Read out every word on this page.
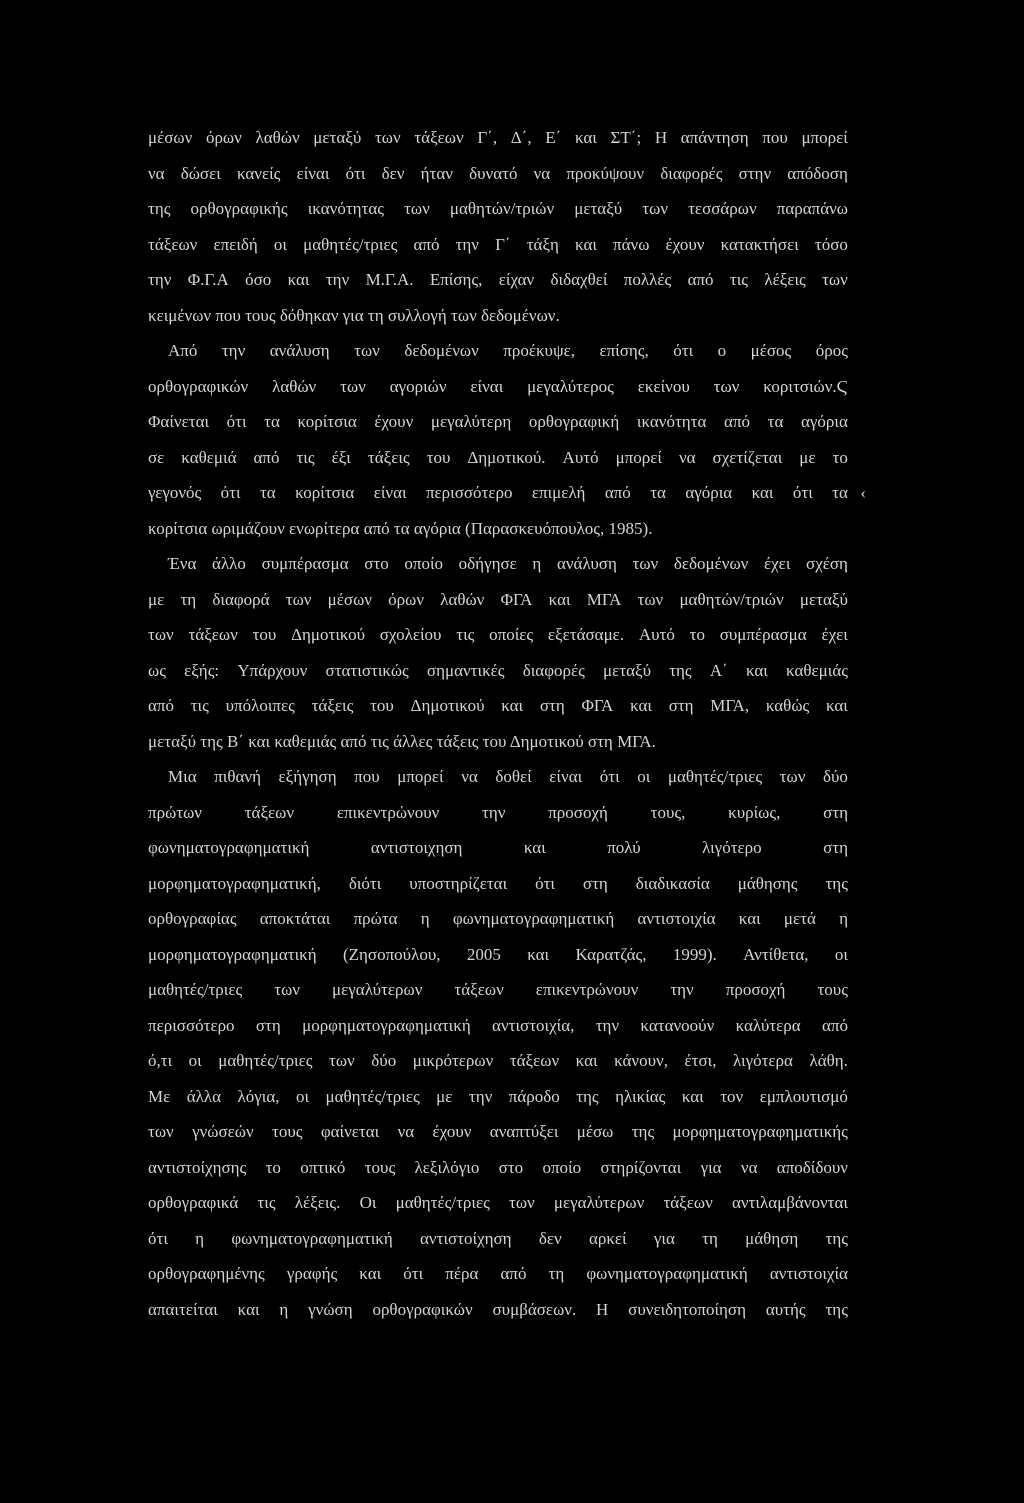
μέσων όρων λαθών μεταξύ των τάξεων Γ΄, Δ΄, Ε΄ και ΣΤ΄; Η απάντηση που μπορεί
να δώσει κανείς είναι ότι δεν ήταν δυνατό να προκύψουν διαφορές στην απόδοση
της ορθογραφικής ικανότητας των μαθητών/τριών μεταξύ των τεσσάρων παραπάνω
τάξεων επειδή οι μαθητές/τριες από την Γ΄ τάξη και πάνω έχουν κατακτήσει τόσο
την Φ.Γ.Α όσο και την Μ.Γ.Α. Επίσης, είχαν διδαχθεί πολλές από τις λέξεις των
κειμένων που τους δόθηκαν για τη συλλογή των δεδομένων.
Από την ανάλυση των δεδομένων προέκυψε, επίσης, ότι ο μέσος όρος
ορθογραφικών λαθών των αγοριών είναι μεγαλύτερος εκείνου των κοριτσιών.Ϛ
Φαίνεται ότι τα κορίτσια έχουν μεγαλύτερη ορθογραφική ικανότητα από τα αγόρια
σε καθεμιά από τις έξι τάξεις του Δημοτικού. Αυτό μπορεί να σχετίζεται με το
γεγονός ότι τα κορίτσια είναι περισσότερο επιμελή από τα αγόρια και ότι τα ‹
κορίτσια ωριμάζουν ενωρίτερα από τα αγόρια (Παρασκευόπουλος, 1985).
Ένα άλλο συμπέρασμα στο οποίο οδήγησε η ανάλυση των δεδομένων έχει σχέση
με τη διαφορά των μέσων όρων λαθών ΦΓΑ και ΜΓΑ των μαθητών/τριών μεταξύ
των τάξεων του Δημοτικού σχολείου τις οποίες εξετάσαμε. Αυτό το συμπέρασμα έχει
ως εξής: Υπάρχουν στατιστικώς σημαντικές διαφορές μεταξύ της Α΄ και καθεμιάς
από τις υπόλοιπες τάξεις του Δημοτικού και στη ΦΓΑ και στη ΜΓΑ, καθώς και
μεταξύ της Β΄ και καθεμιάς από τις άλλες τάξεις του Δημοτικού στη ΜΓΑ.
Μια πιθανή εξήγηση που μπορεί να δοθεί είναι ότι οι μαθητές/τριες των δύο
πρώτων	τάξεων	επικεντρώνουν	την	προσοχή	τους,	κυρίως,	στη
φωνηματογραφηματική	αντιστοιχηση	και	πολύ	λιγότερο	στη
μορφηματογραφηματική, διότι υποστηρίζεται ότι στη διαδικασία μάθησης της
ορθογραφίας αποκτάται πρώτα η φωνηματογραφηματική αντιστοιχία και μετά η
μορφηματογραφηματική (Ζησοπούλου, 2005 και Καρατζάς, 1999). Αντίθετα, οι
μαθητές/τριες των μεγαλύτερων τάξεων επικεντρώνουν την προσοχή τους
περισσότερο στη μορφηματογραφηματική αντιστοιχία, την κατανοούν καλύτερα από
ό,τι οι μαθητές/τριες των δύο μικρότερων τάξεων και κάνουν, έτσι, λιγότερα λάθη.
Με άλλα λόγια, οι μαθητές/τριες με την πάροδο της ηλικίας και τον εμπλουτισμό
των γνώσεών τους φαίνεται να έχουν αναπτύξει μέσω της μορφηματογραφηματικής
αντιστοίχησης το οπτικό τους λεξιλόγιο στο οποίο στηρίζονται για να αποδίδουν
ορθογραφικά τις λέξεις. Οι μαθητές/τριες των μεγαλύτερων τάξεων αντιλαμβάνονται
ότι η φωνηματογραφηματική αντιστοίχηση δεν αρκεί για τη μάθηση της
ορθογραφημένης γραφής και ότι πέρα από τη φωνηματογραφηματική αντιστοιχία
απαιτείται και η γνώση ορθογραφικών συμβάσεων. Η συνειδητοποίηση αυτής της
